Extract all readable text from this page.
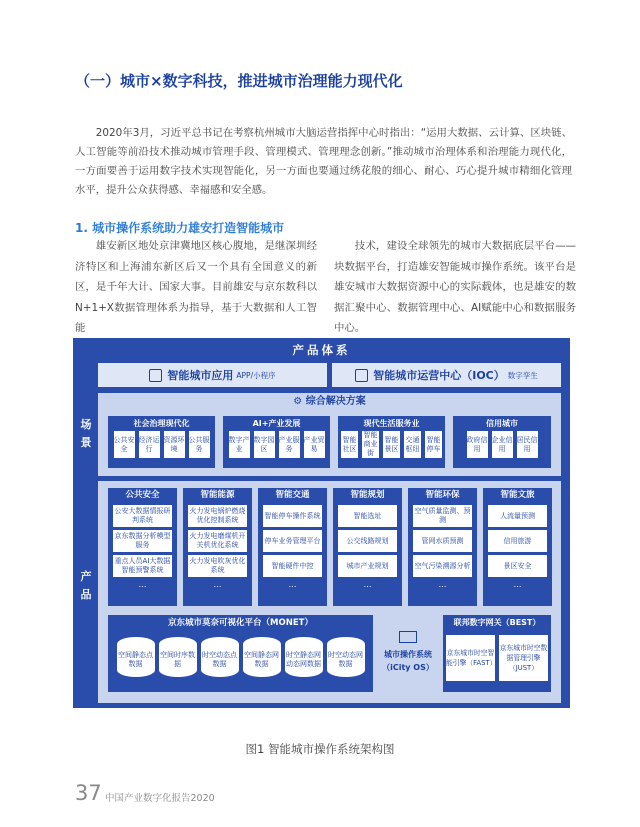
（一）城市×数字科技，推进城市治理能力现代化
2020年3月，习近平总书记在考察杭州城市大脑运营指挥中心时指出：“运用大数据、云计算、区块链、人工智能等前沿技术推动城市管理手段、管理模式、管理理念创新。”推动城市治理体系和治理能力现代化，一方面要善于运用数字技术实现智能化，另一方面也要通过绣花般的细心、耐心、巧心提升城市精细化管理水平，提升公众获得感、幸福感和安全感。
1. 城市操作系统助力雄安打造智能城市
雄安新区地处京津冀地区核心腹地，是继深圳经济特区和上海浦东新区后又一个具有全国意义的新区，是千年大计、国家大事。目前雄安与京东数科以N+1+X数据管理体系为指导，基于大数据和人工智能
技术，建设全球领先的城市大数据底层平台——块数据平台，打造雄安智能城市操作系统。该平台是雄安城市大数据资源中心的实际载体，也是雄安的数据汇聚中心、数据管理中心、AI赋能中心和数据服务中心。
产品体系
智能城市应用 APP/小程序	智能城市运营中心（IOC） 数字孪生
场景
产品
⚙ 综合解决方案
社会治理现代化
公共安全
经济运行
资源环境
公共服务
AI+产业发展
数字产业
数字园区
产业服务
产业贸易
现代生活服务业
智能社区
智能商业街
智能景区
交通枢纽
智能停车
信用城市
政府信用
企业信用
居民信用
公共安全
公安大数据情报研判系统
京东数据分析模型服务
重点人员AI大数据智能预警系统
…
智能能源
火力发电锅炉燃烧优化控制系统
火力发电磨煤机开关机优化系统
火力发电吹灰优化系统
…
智能交通
智能停车操作系统
停车业务管理平台
智能硬件中控
…
智能规划
智能选址
公交线路规划
城市产业规划
…
智能环保
空气质量监测、预测
管网水质预测
空气污染溯源分析
…
智能文旅
人流量预测
信用旅游
景区安全
…
京东城市莫奈可视化平台（MONET）
空间静态点数据
空间时序数据
时空动态点数据
空间静态网数据
时空静态网动态网数据
时空动态网数据
城市操作系统
（iCity OS）
联邦数字网关（BEST）
京东城市时空智能引擎（FAST）
京东城市时空数据管理引擎（JUST）
图1 智能城市操作系统架构图
37 中国产业数字化报告2020
